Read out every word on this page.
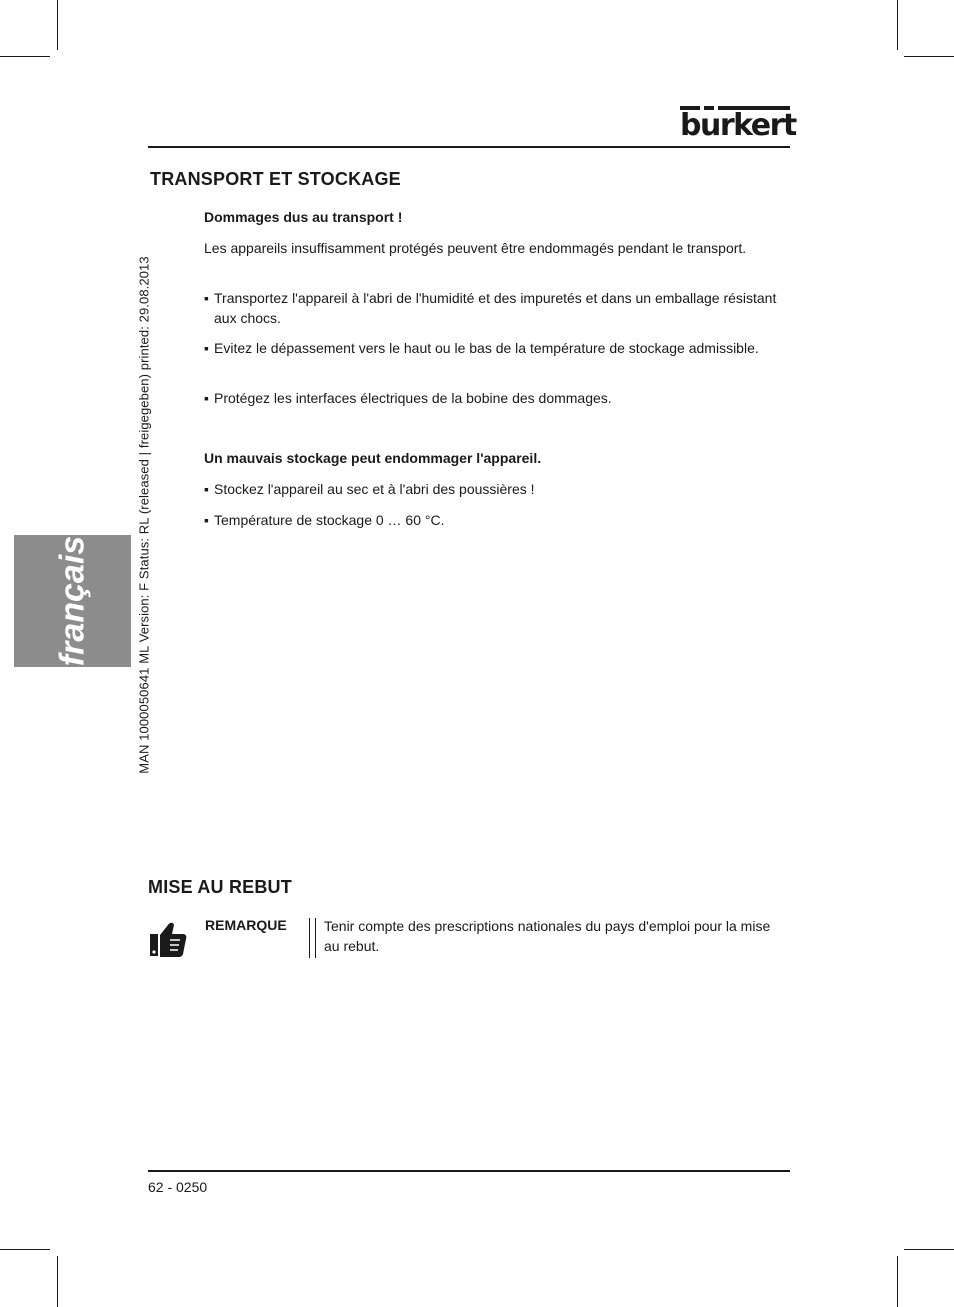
burkert
français	MAN 1000050641 ML Version: F Status: RL (released | freigegeben) printed: 29.08.2013
TRANSPORT ET STOCKAGE
Dommages dus au transport !
Les appareils insuffisamment protégés peuvent être endommagés pendant le transport.
▪ Transportez l'appareil à l'abri de l'humidité et des impuretés et dans un emballage résistant aux chocs.
▪ Evitez le dépassement vers le haut ou le bas de la température de stockage admissible.
▪ Protégez les interfaces électriques de la bobine des dommages.
Un mauvais stockage peut endommager l'appareil.
▪ Stockez l'appareil au sec et à l'abri des poussières !
▪ Température de stockage 0 … 60 °C.
MISE AU REBUT
REMARQUE	Tenir compte des prescriptions nationales du pays d'emploi pour la mise au rebut.
62 - 0250
